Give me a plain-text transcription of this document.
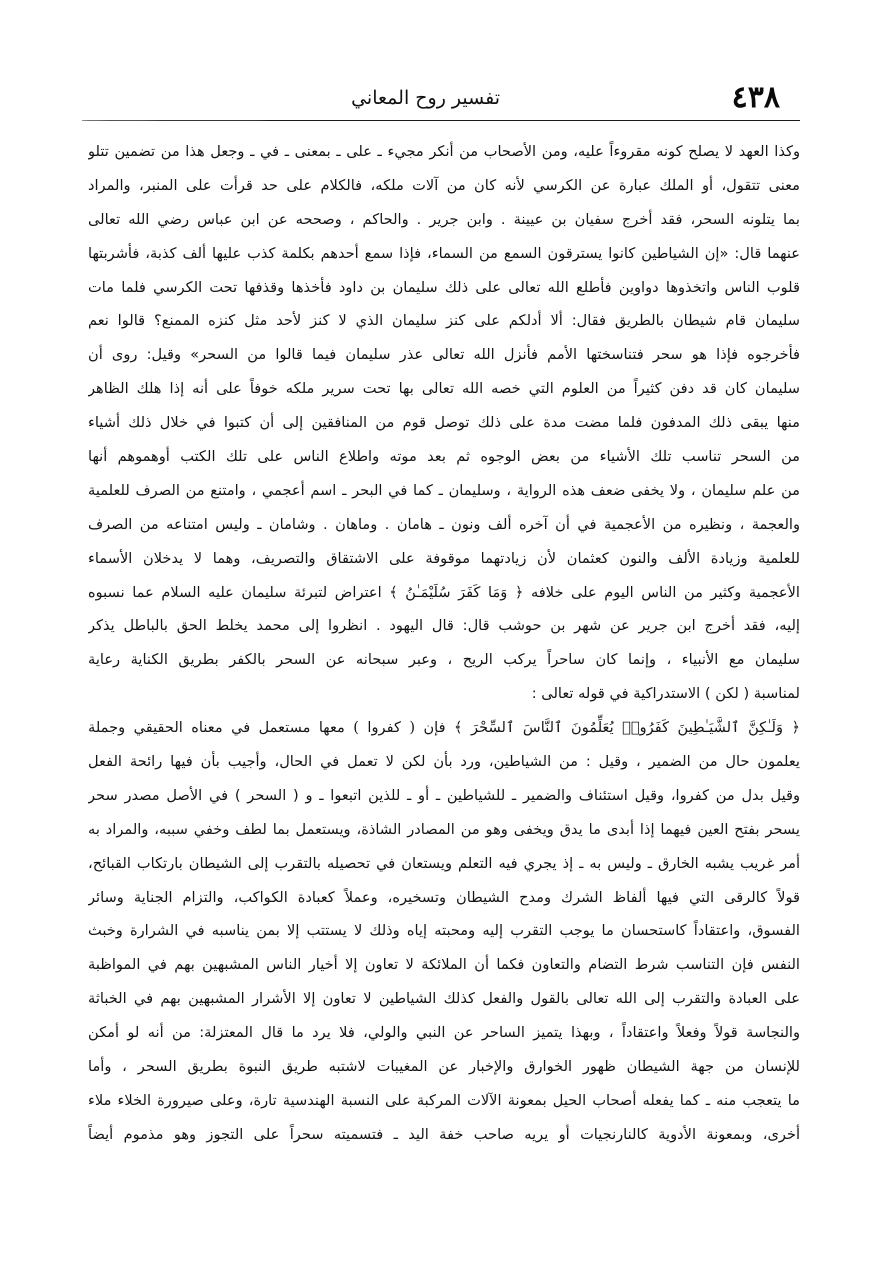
٤٣٨
تفسير روح المعاني
وكذا العهد لا يصلح كونه مقروءاً عليه، ومن الأصحاب من أنكر مجيء ـ على ـ بمعنى ـ في ـ وجعل هذا من تضمين تتلو
معنى تتقول، أو الملك عبارة عن الكرسي لأنه كان من آلات ملكه، فالكلام على حد قرأت على المنبر، والمراد
بما يتلونه السحر، فقد أخرج سفيان بن عيينة . وابن جرير . والحاكم ، وصححه عن ابن عباس رضي الله تعالى
عنهما قال: «إن الشياطين كانوا يسترقون السمع من السماء، فإذا سمع أحدهم بكلمة كذب عليها ألف كذبة، فأشربتها
قلوب الناس واتخذوها دواوين فأطلع الله تعالى على ذلك سليمان بن داود فأخذها وقذفها تحت الكرسي فلما مات
سليمان قام شيطان بالطريق فقال: ألا أدلكم على كنز سليمان الذي لا كنز لأحد مثل كنزه الممنع؟ قالوا نعم
فأخرجوه فإذا هو سحر فتناسختها الأمم فأنزل الله تعالى عذر سليمان فيما قالوا من السحر» وقيل: روى أن
سليمان كان قد دفن كثيراً من العلوم التي خصه الله تعالى بها تحت سرير ملكه خوفاً على أنه إذا هلك الظاهر
منها يبقى ذلك المدفون فلما مضت مدة على ذلك توصل قوم من المنافقين إلى أن كتبوا في خلال ذلك أشياء
من السحر تناسب تلك الأشياء من بعض الوجوه ثم بعد موته واطلاع الناس على تلك الكتب أوهموهم أنها
من علم سليمان ، ولا يخفى ضعف هذه الرواية ، وسليمان ـ كما في البحر ـ اسم أعجمي ، وامتنع من الصرف للعلمية
والعجمة ، ونظيره من الأعجمية في أن آخره ألف ونون ـ هامان . وماهان . وشامان ـ وليس امتناعه من الصرف
للعلمية وزيادة الألف والنون كعثمان لأن زيادتهما موقوفة على الاشتقاق والتصريف، وهما لا يدخلان الأسماء
الأعجمية وكثير من الناس اليوم على خلافه ﴿ وَمَا كَفَرَ سُلَيْمَـٰنُ ﴾ اعتراض لتبرئة سليمان عليه السلام عما نسبوه
إليه، فقد أخرج ابن جرير عن شهر بن حوشب قال: قال اليهود . انظروا إلى محمد يخلط الحق بالباطل يذكر
سليمان مع الأنبياء ، وإنما كان ساحراً يركب الريح ، وعبر سبحانه عن السحر بالكفر بطريق الكناية رعاية
لمناسبة ( لكن ) الاستدراكية في قوله تعالى :
﴿ وَلَـٰكِنَّ ٱلشَّيَـٰطِينَ كَفَرُوا۟ يُعَلِّمُونَ ٱلنَّاسَ ٱلسِّحْرَ ﴾ فإن ( كفروا ) معها مستعمل في معناه الحقيقي وجملة
يعلمون حال من الضمير ، وقيل : من الشياطين، ورد بأن لكن لا تعمل في الحال، وأجيب بأن فيها رائحة الفعل
وقيل بدل من كفروا، وقيل استئناف والضمير ـ للشياطين ـ أو ـ للذين اتبعوا ـ و ( السحر ) في الأصل مصدر سحر
يسحر بفتح العين فيهما إذا أبدى ما يدق ويخفى وهو من المصادر الشاذة، ويستعمل بما لطف وخفي سببه، والمراد به
أمر غريب يشبه الخارق ـ وليس به ـ إذ يجري فيه التعلم ويستعان في تحصيله بالتقرب إلى الشيطان بارتكاب القبائح،
قولاً كالرقى التي فيها ألفاظ الشرك ومدح الشيطان وتسخيره، وعملاً كعبادة الكواكب، والتزام الجناية وسائر
الفسوق، واعتقاداً كاستحسان ما يوجب التقرب إليه ومحبته إياه وذلك لا يستتب إلا بمن يناسبه في الشرارة وخبث
النفس فإن التناسب شرط التضام والتعاون فكما أن الملائكة لا تعاون إلا أخيار الناس المشبهين بهم في المواظبة
على العبادة والتقرب إلى الله تعالى بالقول والفعل كذلك الشياطين لا تعاون إلا الأشرار المشبهين بهم في الخباثة
والنجاسة قولاً وفعلاً واعتقاداً ، وبهذا يتميز الساحر عن النبي والولي، فلا يرد ما قال المعتزلة: من أنه لو أمكن
للإنسان من جهة الشيطان ظهور الخوارق والإخبار عن المغيبات لاشتبه طريق النبوة بطريق السحر ، وأما
ما يتعجب منه ـ كما يفعله أصحاب الحيل بمعونة الآلات المركبة على النسبة الهندسية تارة، وعلى صيرورة الخلاء ملاء
أخرى، وبمعونة الأدوية كالنارنجيات أو يريه صاحب خفة اليد ـ فتسميته سحراً على التجوز وهو مذموم أيضاً
